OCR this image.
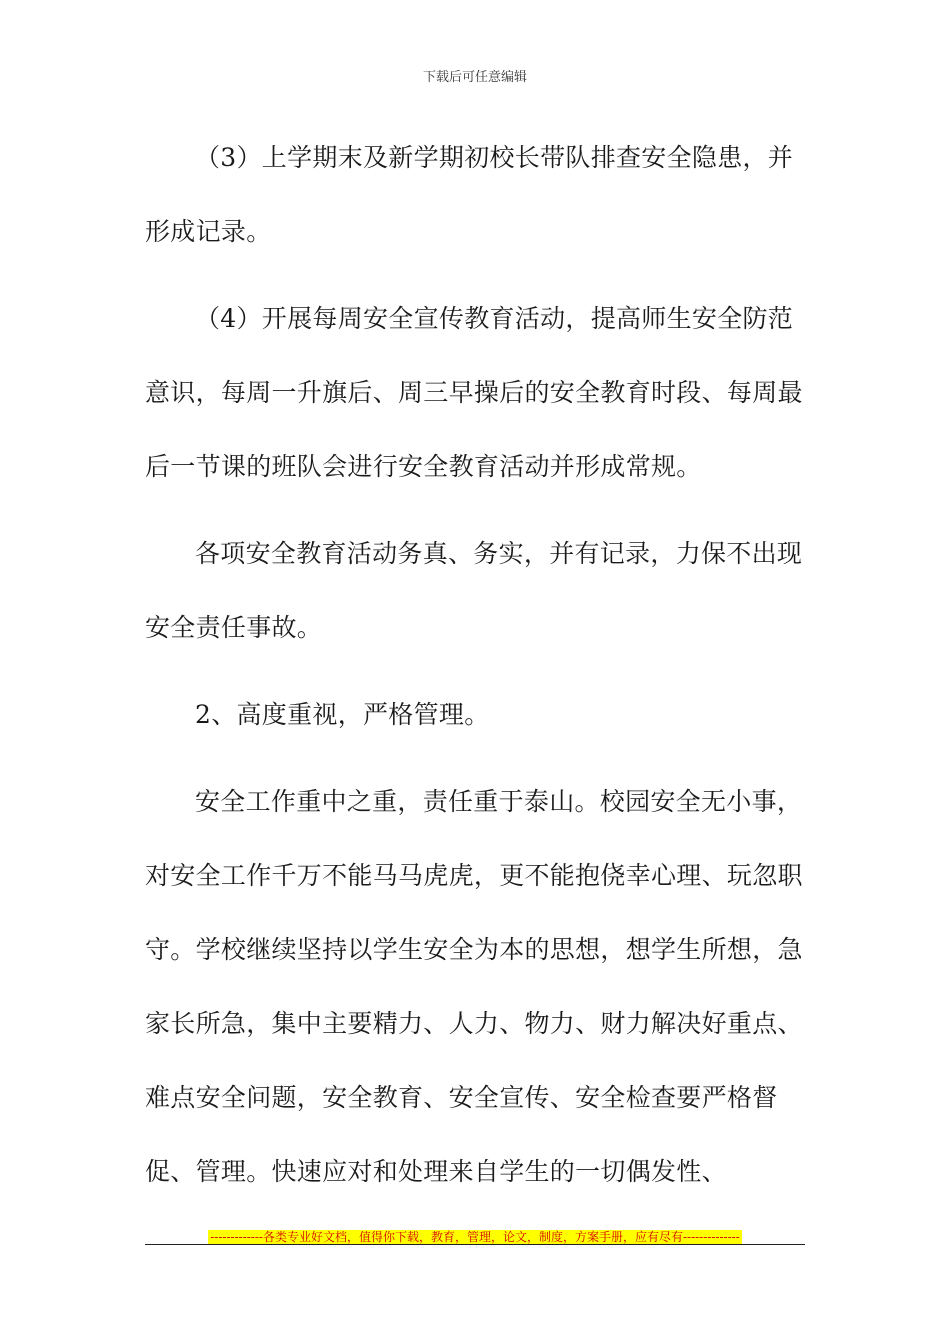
下载后可任意编辑

（3）上学期末及新学期初校长带队排查安全隐患，并形成记录。

（4）开展每周安全宣传教育活动，提高师生安全防范意识，每周一升旗后、周三早操后的安全教育时段、每周最后一节课的班队会进行安全教育活动并形成常规。

各项安全教育活动务真、务实，并有记录，力保不出现安全责任事故。

2、高度重视，严格管理。

安全工作重中之重，责任重于泰山。校园安全无小事，对安全工作千万不能马马虎虎，更不能抱侥幸心理、玩忽职守。学校继续坚持以学生安全为本的思想，想学生所想，急家长所急，集中主要精力、人力、物力、财力解决好重点、难点安全问题，安全教育、安全宣传、安全检查要严格督促、管理。快速应对和处理来自学生的一切偶发性、

-------------各类专业好文档，值得你下载，教育，管理，论文，制度，方案手册，应有尽有--------------
